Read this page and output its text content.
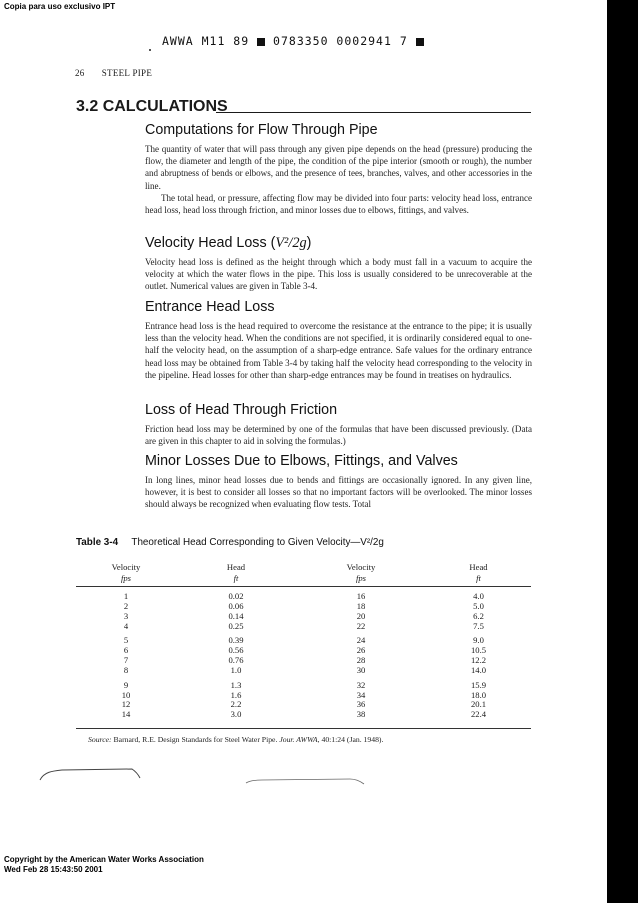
Copia para uso exclusivo IPT
AWWA M11 89 0783350 0002941 7
26 STEEL PIPE
3.2 CALCULATIONS
Computations for Flow Through Pipe

The quantity of water that will pass through any given pipe depends on the head (pressure) producing the flow, the diameter and length of the pipe, the condition of the pipe interior (smooth or rough), the number and abruptness of bends or elbows, and the presence of tees, branches, valves, and other accessories in the line.

The total head, or pressure, affecting flow may be divided into four parts: velocity head loss, entrance head loss, head loss through friction, and minor losses due to elbows, fittings, and valves.

Velocity Head Loss (V²/2g)

Velocity head loss is defined as the height through which a body must fall in a vacuum to acquire the velocity at which the water flows in the pipe. This loss is usually considered to be unrecoverable at the outlet. Numerical values are given in Table 3-4.

Entrance Head Loss

Entrance head loss is the head required to overcome the resistance at the entrance to the pipe; it is usually less than the velocity head. When the conditions are not specified, it is ordinarily considered equal to one-half the velocity head, on the assumption of a sharp-edge entrance. Safe values for the ordinary entrance head loss may be obtained from Table 3-4 by taking half the velocity head corresponding to the velocity in the pipeline. Head losses for other than sharp-edge entrances may be found in treatises on hydraulics.

Loss of Head Through Friction

Friction head loss may be determined by one of the formulas that have been discussed previously. (Data are given in this chapter to aid in solving the formulas.)

Minor Losses Due to Elbows, Fittings, and Valves

In long lines, minor head losses due to bends and fittings are occasionally ignored. In any given line, however, it is best to consider all losses so that no important factors will be overlooked. The minor losses should always be recognized when evaluating flow tests. Total

Table 3-4 Theoretical Head Corresponding to Given Velocity—V²/2g
Velocity	Head	Velocity	Head
fps	ft	fps	ft
1	0.02	16	4.0
2	0.06	18	5.0
3	0.14	20	6.2
4	0.25	22	7.5
5	0.39	24	9.0
6	0.56	26	10.5
7	0.76	28	12.2
8	1.0	30	14.0
9	1.3	32	15.9
10	1.6	34	18.0
12	2.2	36	20.1
14	3.0	38	22.4
Source: Barnard, R.E. Design Standards for Steel Water Pipe. Jour. AWWA, 40:1:24 (Jan. 1948).
Copyright by the American Water Works Association
Wed Feb 28 15:43:50 2001
